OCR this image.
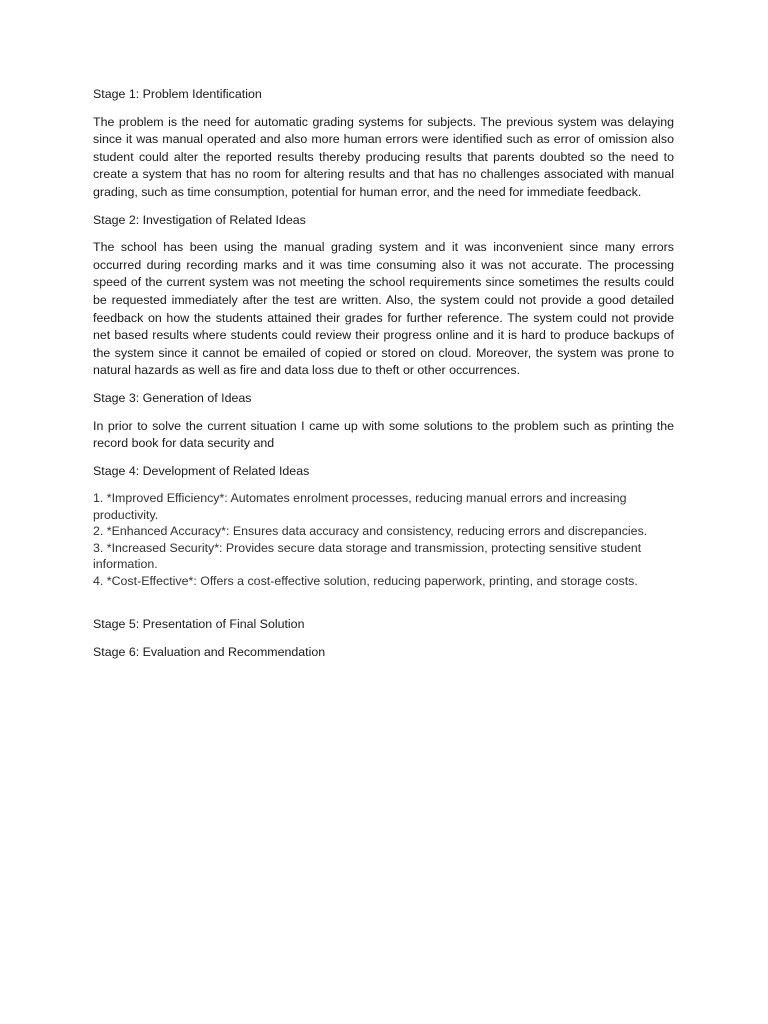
Stage 1: Problem Identification

The problem is the need for automatic grading systems for subjects. The previous system was delaying since it was manual operated and also more human errors were identified such as error of omission also student could alter the reported results thereby producing results that parents doubted so the need to create a system that has no room for altering results and that has no challenges associated with manual grading, such as time consumption, potential for human error, and the need for immediate feedback.

Stage 2: Investigation of Related Ideas

The school has been using the manual grading system and it was inconvenient since many errors occurred during recording marks and it was time consuming also it was not accurate. The processing speed of the current system was not meeting the school requirements since sometimes the results could be requested immediately after the test are written. Also, the system could not provide a good detailed feedback on how the students attained their grades for further reference. The system could not provide net based results where students could review their progress online and it is hard to produce backups of the system since it cannot be emailed of copied or stored on cloud. Moreover, the system was prone to natural hazards as well as fire and data loss due to theft or other occurrences.

Stage 3: Generation of Ideas

In prior to solve the current situation I came up with some solutions to the problem such as printing the record book for data security and

Stage 4: Development of Related Ideas

1. *Improved Efficiency*: Automates enrolment processes, reducing manual errors and increasing productivity.
2. *Enhanced Accuracy*: Ensures data accuracy and consistency, reducing errors and discrepancies.
3. *Increased Security*: Provides secure data storage and transmission, protecting sensitive student information.
4. *Cost-Effective*: Offers a cost-effective solution, reducing paperwork, printing, and storage costs.

Stage 5: Presentation of Final Solution

Stage 6: Evaluation and Recommendation
